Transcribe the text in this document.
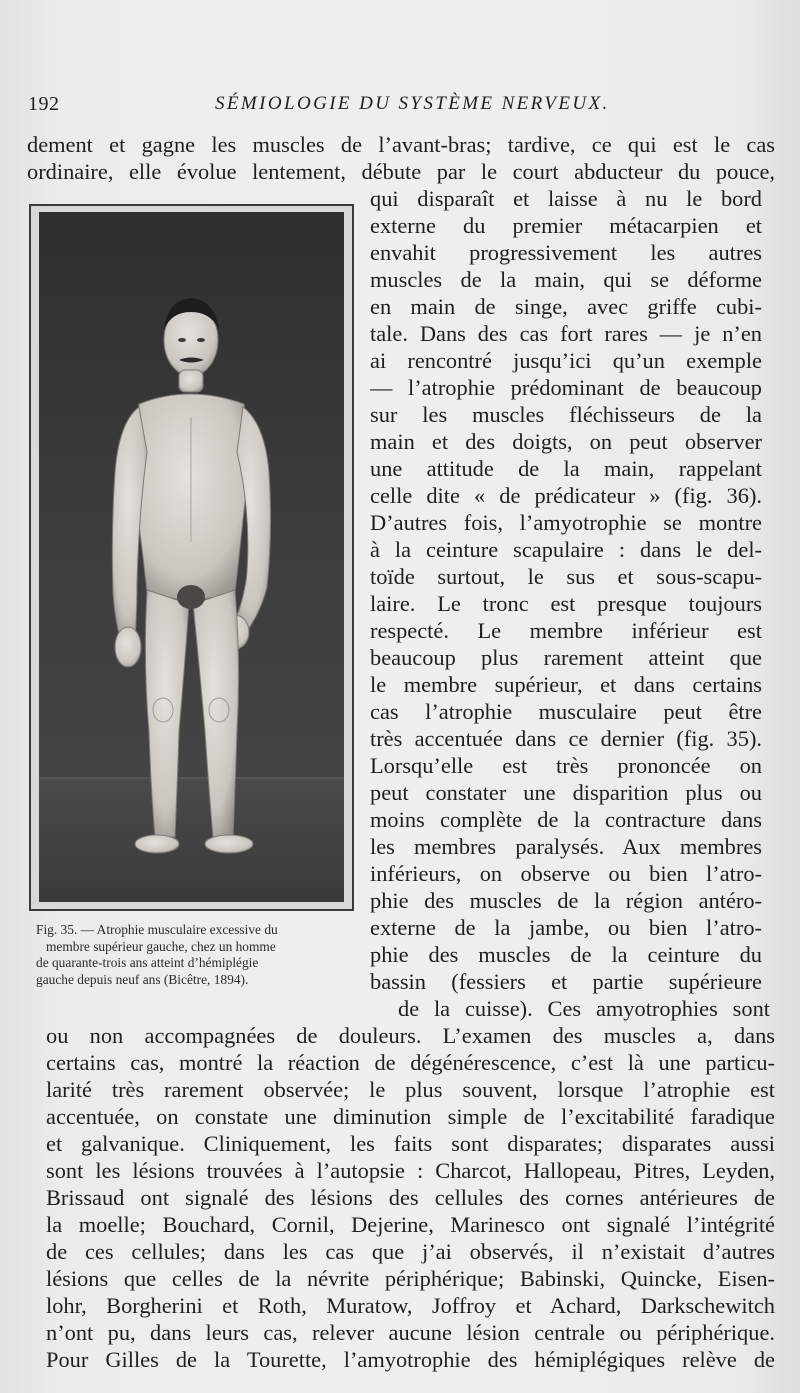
192	SÉMIOLOGIE DU SYSTÈME NERVEUX.
dement et gagne les muscles de l’avant-bras; tardive, ce qui est le cas
ordinaire, elle évolue lentement, débute par le court abducteur du pouce,
Fig. 35. — Atrophie musculaire excessive du
membre supérieur gauche, chez un homme
de quarante-trois ans atteint d’hémiplégie
gauche depuis neuf ans (Bicêtre, 1894).
qui disparaît et laisse à nu le bord
externe du premier métacarpien et
envahit progressivement les autres
muscles de la main, qui se déforme
en main de singe, avec griffe cubi-
tale. Dans des cas fort rares — je n’en
ai rencontré jusqu’ici qu’un exemple
— l’atrophie prédominant de beaucoup
sur les muscles fléchisseurs de la
main et des doigts, on peut observer
une attitude de la main, rappelant
celle dite « de prédicateur » (fig. 36).
D’autres fois, l’amyotrophie se montre
à la ceinture scapulaire : dans le del-
toïde surtout, le sus et sous-scapu-
laire. Le tronc est presque toujours
respecté. Le membre inférieur est
beaucoup plus rarement atteint que
le membre supérieur, et dans certains
cas l’atrophie musculaire peut être
très accentuée dans ce dernier (fig. 35).
Lorsqu’elle est très prononcée on
peut constater une disparition plus ou
moins complète de la contracture dans
les membres paralysés. Aux membres
inférieurs, on observe ou bien l’atro-
phie des muscles de la région antéro-
externe de la jambe, ou bien l’atro-
phie des muscles de la ceinture du
bassin (fessiers et partie supérieure
de la cuisse). Ces amyotrophies sont
ou non accompagnées de douleurs. L’examen des muscles a, dans
certains cas, montré la réaction de dégénérescence, c’est là une particu-
larité très rarement observée; le plus souvent, lorsque l’atrophie est
accentuée, on constate une diminution simple de l’excitabilité faradique
et galvanique. Cliniquement, les faits sont disparates; disparates aussi
sont les lésions trouvées à l’autopsie : Charcot, Hallopeau, Pitres, Leyden,
Brissaud ont signalé des lésions des cellules des cornes antérieures de
la moelle; Bouchard, Cornil, Dejerine, Marinesco ont signalé l’intégrité
de ces cellules; dans les cas que j’ai observés, il n’existait d’autres
lésions que celles de la névrite périphérique; Babinski, Quincke, Eisen-
lohr, Borgherini et Roth, Muratow, Joffroy et Achard, Darkschewitch
n’ont pu, dans leurs cas, relever aucune lésion centrale ou périphérique.
Pour Gilles de la Tourette, l’amyotrophie des hémiplégiques relève de
